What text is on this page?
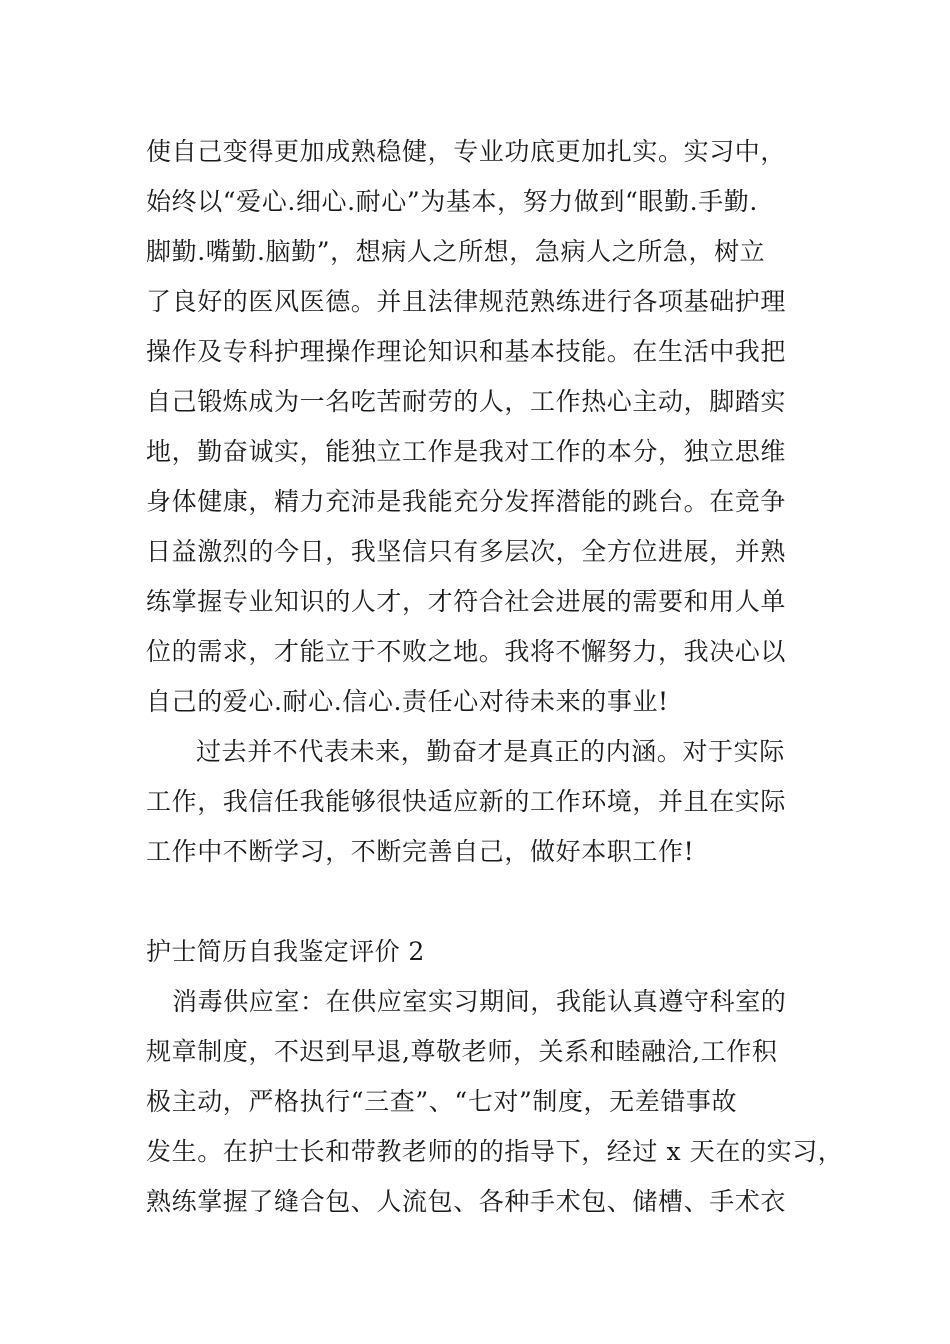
使自己变得更加成熟稳健，专业功底更加扎实。实习中，
始终以“爱心.细心.耐心”为基本，努力做到“眼勤.手勤.
脚勤.嘴勤.脑勤”，想病人之所想，急病人之所急，树立
了良好的医风医德。并且法律规范熟练进行各项基础护理
操作及专科护理操作理论知识和基本技能。在生活中我把
自己锻炼成为一名吃苦耐劳的人，工作热心主动，脚踏实
地，勤奋诚实，能独立工作是我对工作的本分，独立思维
身体健康，精力充沛是我能充分发挥潜能的跳台。在竞争
日益激烈的今日，我坚信只有多层次，全方位进展，并熟
练掌握专业知识的人才，才符合社会进展的需要和用人单
位的需求，才能立于不败之地。我将不懈努力，我决心以
自己的爱心.耐心.信心.责任心对待未来的事业!
过去并不代表未来，勤奋才是真正的内涵。对于实际
工作，我信任我能够很快适应新的工作环境，并且在实际
工作中不断学习，不断完善自己，做好本职工作!
护士简历自我鉴定评价 2
消毒供应室：在供应室实习期间，我能认真遵守科室的
规章制度，不迟到早退,尊敬老师，关系和睦融洽,工作积
极主动，严格执行“三查”、“七对”制度，无差错事故
发生。在护士长和带教老师的的指导下，经过 x 天在的实习，
熟练掌握了缝合包、人流包、各种手术包、储槽、手术衣
